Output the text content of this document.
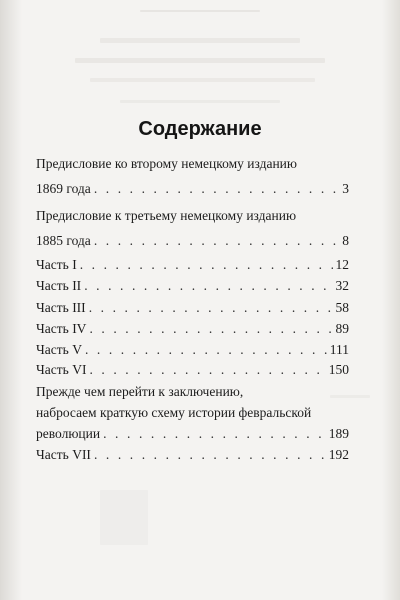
Содержание
Предисловие ко второму немецкому изданию
1869 года . . .	3
Предисловие к третьему немецкому изданию
1885 года . . .	8
Часть I . . .	12
Часть II . . .	32
Часть III . . .	58
Часть IV . . .	89
Часть V . . .	111
Часть VI . . .	150
Прежде чем перейти к заключению,
набросаем краткую схему истории февральской
революции . . .	189
Часть VII . . .	192
